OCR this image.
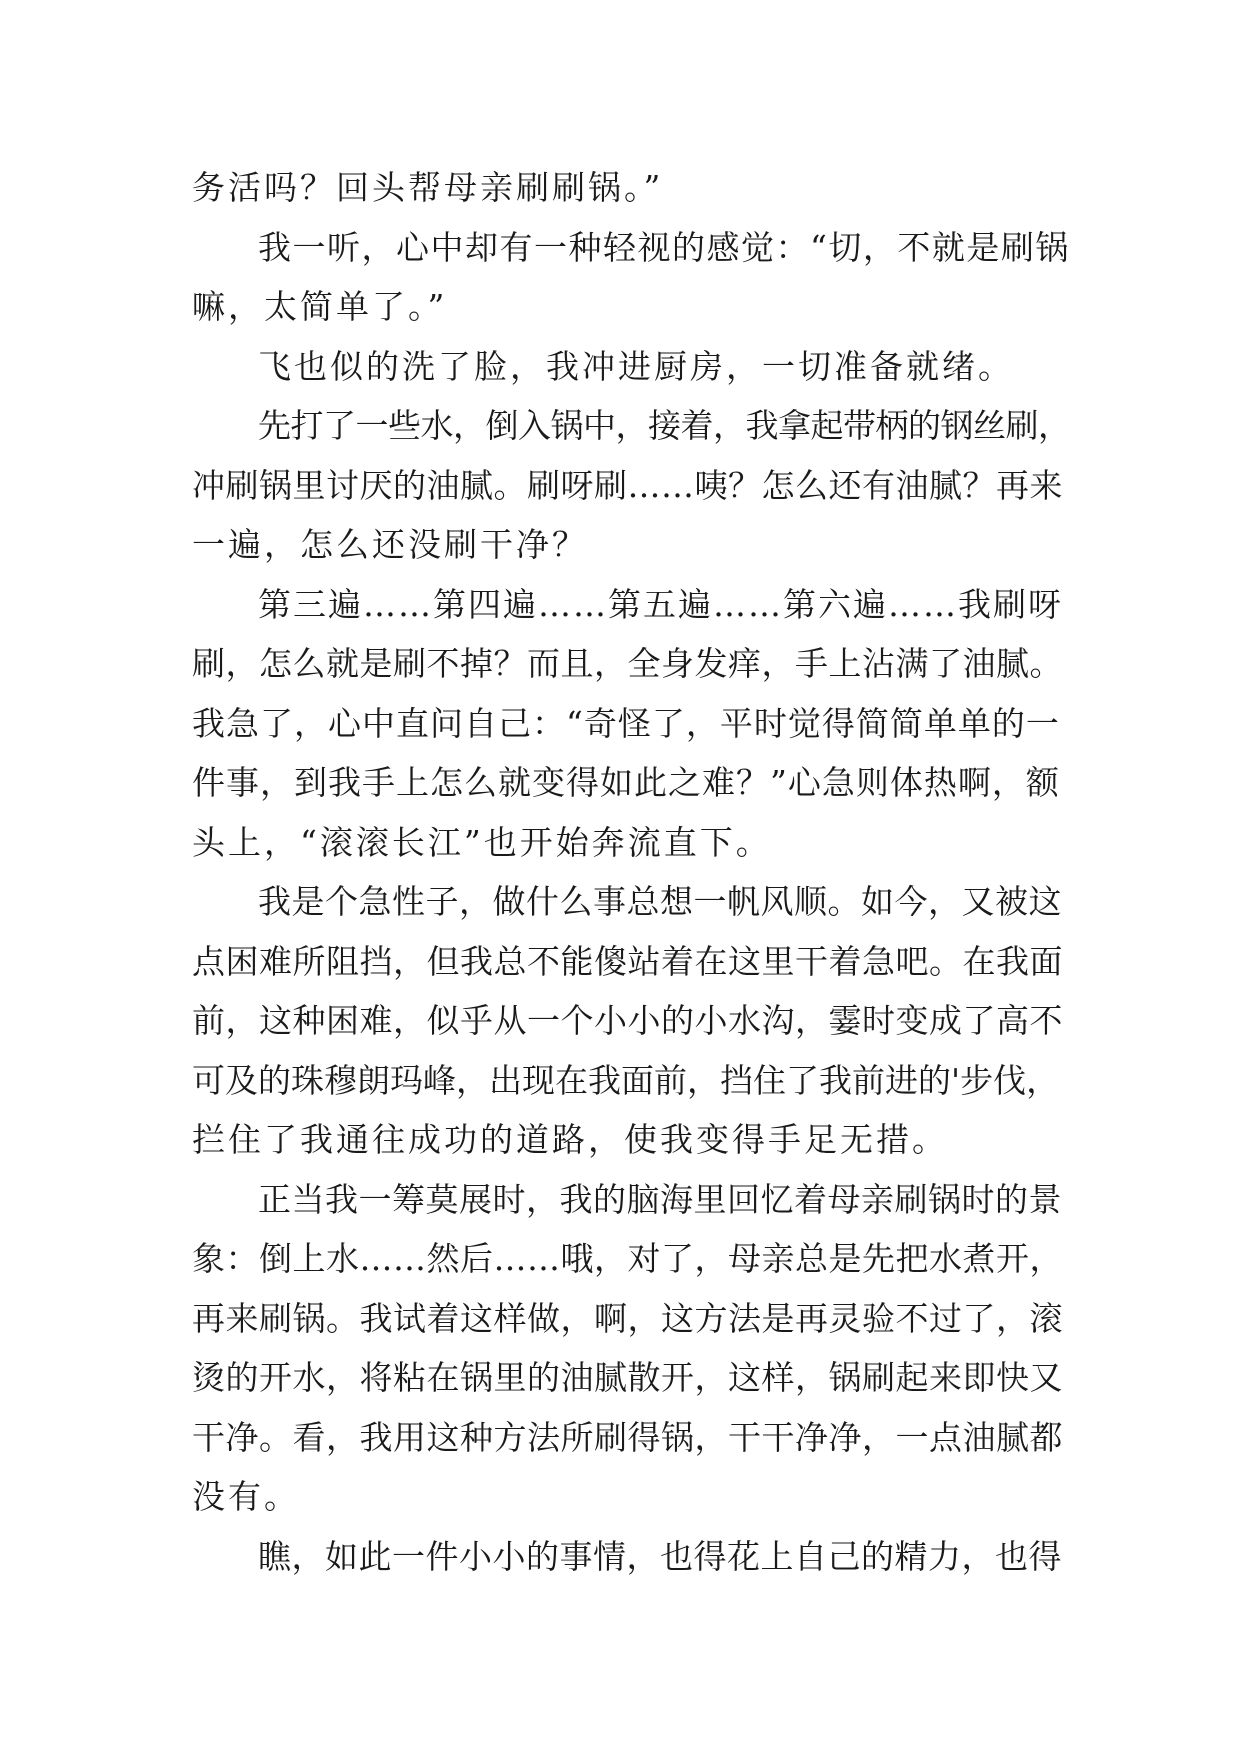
务活吗？回头帮母亲刷刷锅。”
我一听，心中却有一种轻视的感觉：“切，不就是刷锅
嘛，太简单了。”
飞也似的洗了脸，我冲进厨房，一切准备就绪。
先打了一些水，倒入锅中，接着，我拿起带柄的钢丝刷，
冲刷锅里讨厌的油腻。刷呀刷……咦？怎么还有油腻？再来
一遍，怎么还没刷干净？
第三遍……第四遍……第五遍……第六遍……我刷呀
刷，怎么就是刷不掉？而且，全身发痒，手上沾满了油腻。
我急了，心中直问自己：“奇怪了，平时觉得简简单单的一
件事，到我手上怎么就变得如此之难？”心急则体热啊，额
头上，“滚滚长江”也开始奔流直下。
我是个急性子，做什么事总想一帆风顺。如今，又被这
点困难所阻挡，但我总不能傻站着在这里干着急吧。在我面
前，这种困难，似乎从一个小小的小水沟，霎时变成了高不
可及的珠穆朗玛峰，出现在我面前，挡住了我前进的'步伐，
拦住了我通往成功的道路，使我变得手足无措。
正当我一筹莫展时，我的脑海里回忆着母亲刷锅时的景
象：倒上水……然后……哦，对了，母亲总是先把水煮开，
再来刷锅。我试着这样做，啊，这方法是再灵验不过了，滚
烫的开水，将粘在锅里的油腻散开，这样，锅刷起来即快又
干净。看，我用这种方法所刷得锅，干干净净，一点油腻都
没有。
瞧，如此一件小小的事情，也得花上自己的精力，也得
